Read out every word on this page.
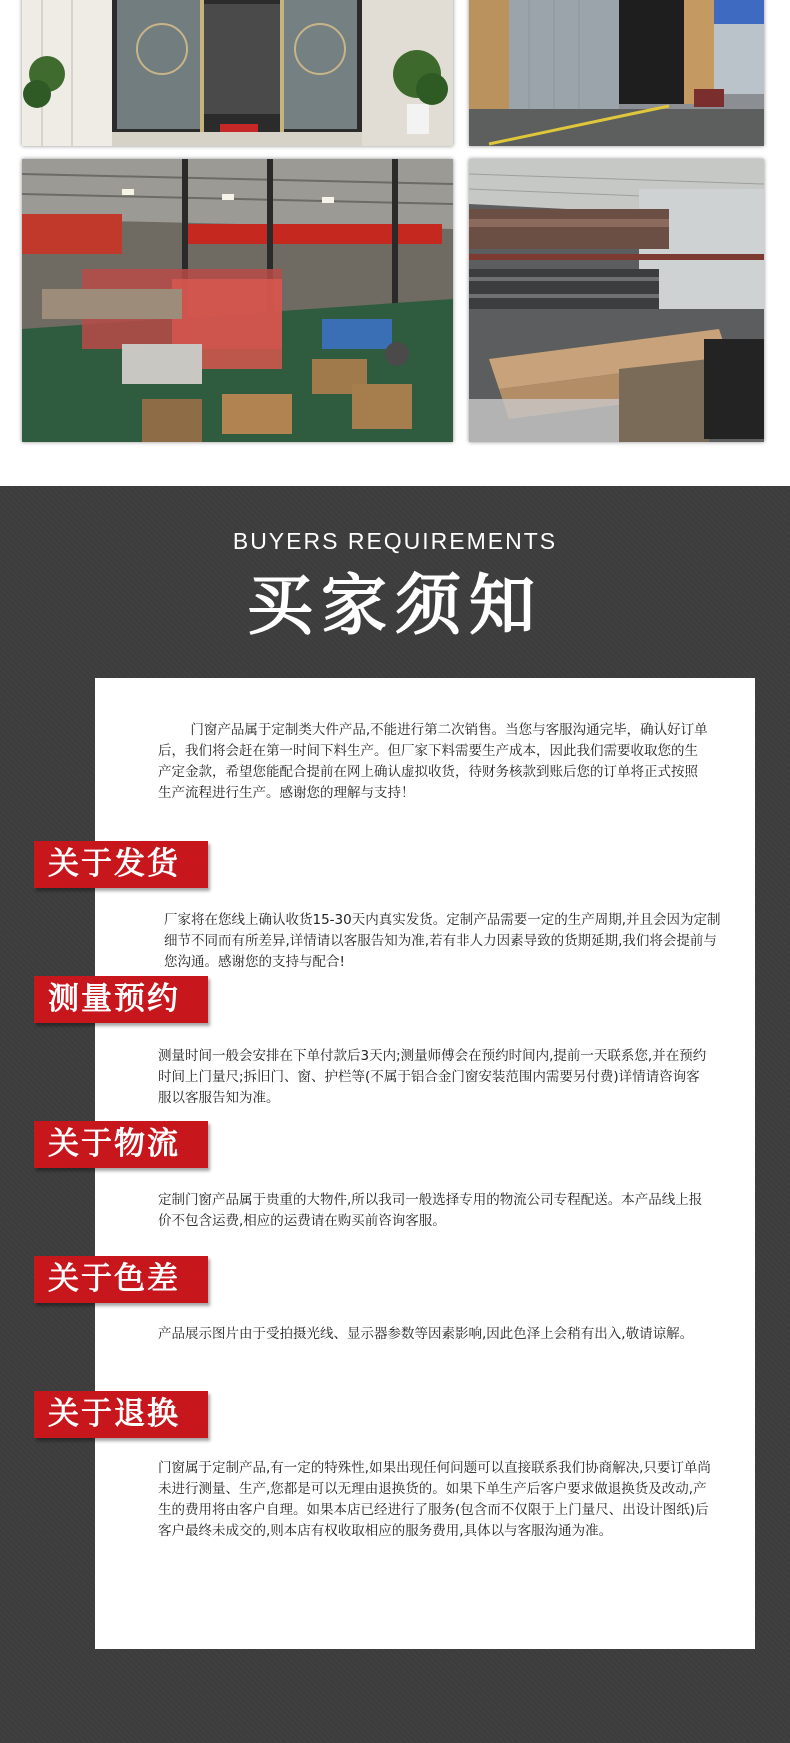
BUYERS REQUIREMENTS
买家须知
门窗产品属于定制类大件产品,不能进行第二次销售。当您与客服沟通完毕，确认好订单后，我们将会赶在第一时间下料生产。但厂家下料需要生产成本，因此我们需要收取您的生产定金款，希望您能配合提前在网上确认虚拟收货，待财务核款到账后您的订单将正式按照生产流程进行生产。感谢您的理解与支持！
关于发货
厂家将在您线上确认收货15-30天内真实发货。定制产品需要一定的生产周期,并且会因为定制细节不同而有所差异,详情请以客服告知为准,若有非人力因素导致的货期延期,我们将会提前与您沟通。感谢您的支持与配合!
测量预约
测量时间一般会安排在下单付款后3天内;测量师傅会在预约时间内,提前一天联系您,并在预约时间上门量尺;拆旧门、窗、护栏等(不属于铝合金门窗安装范围内需要另付费)详情请咨询客服以客服告知为准。
关于物流
定制门窗产品属于贵重的大物件,所以我司一般选择专用的物流公司专程配送。本产品线上报价不包含运费,相应的运费请在购买前咨询客服。
关于色差
产品展示图片由于受拍摄光线、显示器参数等因素影响,因此色泽上会稍有出入,敬请谅解。
关于退换
门窗属于定制产品,有一定的特殊性,如果出现任何问题可以直接联系我们协商解决,只要订单尚未进行测量、生产,您都是可以无理由退换货的。如果下单生产后客户要求做退换货及改动,产生的费用将由客户自理。如果本店已经进行了服务(包含而不仅限于上门量尺、出设计图纸)后客户最终未成交的,则本店有权收取相应的服务费用,具体以与客服沟通为准。
